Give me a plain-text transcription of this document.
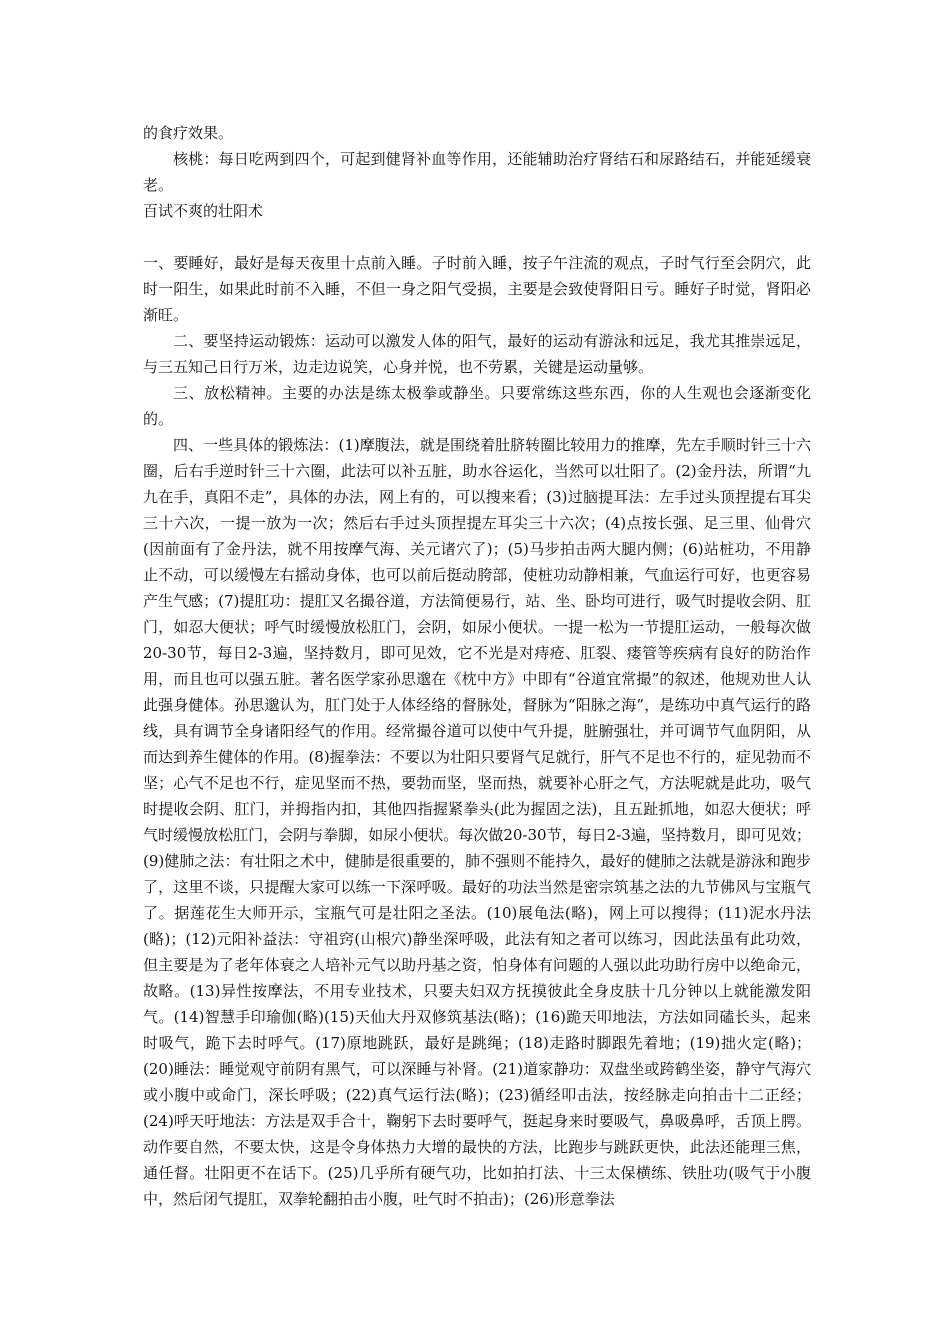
的食疗效果。

核桃：每日吃两到四个，可起到健肾补血等作用，还能辅助治疗肾结石和尿路结石，并能延缓衰老。

百试不爽的壮阳术

一、要睡好，最好是每天夜里十点前入睡。子时前入睡，按子午注流的观点，子时气行至会阴穴，此时一阳生，如果此时前不入睡，不但一身之阳气受损，主要是会致使肾阳日亏。睡好子时觉，肾阳必渐旺。

二、要坚持运动锻炼：运动可以激发人体的阳气，最好的运动有游泳和远足，我尤其推崇远足，与三五知己日行万米，边走边说笑，心身并悦，也不劳累，关键是运动量够。

三、放松精神。主要的办法是练太极拳或静坐。只要常练这些东西，你的人生观也会逐渐变化的。

四、一些具体的锻炼法：(1)摩腹法，就是围绕着肚脐转圈比较用力的推摩，先左手顺时针三十六圈，后右手逆时针三十六圈，此法可以补五脏，助水谷运化，当然可以壮阳了。(2)金丹法，所谓“九九在手，真阳不走”，具体的办法，网上有的，可以搜来看；(3)过脑提耳法：左手过头顶捏提右耳尖三十六次，一提一放为一次；然后右手过头顶捏提左耳尖三十六次；(4)点按长强、足三里、仙骨穴(因前面有了金丹法，就不用按摩气海、关元诸穴了)；(5)马步拍击两大腿内侧；(6)站桩功，不用静止不动，可以缓慢左右摇动身体，也可以前后挺动胯部，使桩功动静相兼，气血运行可好，也更容易产生气感；(7)提肛功：提肛又名撮谷道，方法简便易行，站、坐、卧均可进行，吸气时提收会阴、肛门，如忍大便状；呼气时缓慢放松肛门，会阴，如尿小便状。一提一松为一节提肛运动，一般每次做20-30节，每日2-3遍，坚持数月，即可见效，它不光是对痔疮、肛裂、瘘管等疾病有良好的防治作用，而且也可以强五脏。著名医学家孙思邈在《枕中方》中即有“谷道宜常撮”的叙述，他规劝世人认此强身健体。孙思邈认为，肛门处于人体经络的督脉处，督脉为“阳脉之海”，是练功中真气运行的路线，具有调节全身诸阳经气的作用。经常撮谷道可以使中气升提，脏腑强壮，并可调节气血阴阳，从而达到养生健体的作用。(8)握拳法：不要以为壮阳只要肾气足就行，肝气不足也不行的，症见勃而不坚；心气不足也不行，症见坚而不热，要勃而坚，坚而热，就要补心肝之气，方法呢就是此功，吸气时提收会阴、肛门，并拇指内扣，其他四指握紧拳头(此为握固之法)，且五趾抓地，如忍大便状；呼气时缓慢放松肛门，会阴与拳脚，如尿小便状。每次做20-30节，每日2-3遍，坚持数月，即可见效；(9)健肺之法：有壮阳之术中，健肺是很重要的，肺不强则不能持久，最好的健肺之法就是游泳和跑步了，这里不谈，只提醒大家可以练一下深呼吸。最好的功法当然是密宗筑基之法的九节佛风与宝瓶气了。据莲花生大师开示，宝瓶气可是壮阳之圣法。(10)展龟法(略)，网上可以搜得；(11)泥水丹法(略)；(12)元阳补益法：守祖窍(山根穴)静坐深呼吸，此法有知之者可以练习，因此法虽有此功效，但主要是为了老年体衰之人培补元气以助丹基之资，怕身体有问题的人强以此功助行房中以绝命元，故略。(13)异性按摩法，不用专业技术，只要夫妇双方抚摸彼此全身皮肤十几分钟以上就能激发阳气。(14)智慧手印瑜伽(略)(15)天仙大丹双修筑基法(略)；(16)跪天叩地法，方法如同磕长头，起来时吸气，跪下去时呼气。(17)原地跳跃，最好是跳绳；(18)走路时脚跟先着地；(19)拙火定(略)；(20)睡法：睡觉观守前阴有黑气，可以深睡与补肾。(21)道家静功：双盘坐或跨鹤坐姿，静守气海穴或小腹中或命门，深长呼吸；(22)真气运行法(略)；(23)循经叩击法，按经脉走向拍击十二正经；(24)呼天吁地法：方法是双手合十，鞠躬下去时要呼气，挺起身来时要吸气，鼻吸鼻呼，舌顶上腭。动作要自然，不要太快，这是令身体热力大增的最快的方法，比跑步与跳跃更快，此法还能理三焦，通任督。壮阳更不在话下。(25)几乎所有硬气功，比如拍打法、十三太保横练、铁肚功(吸气于小腹中，然后闭气提肛，双拳轮翻拍击小腹，吐气时不拍击)；(26)形意拳法
